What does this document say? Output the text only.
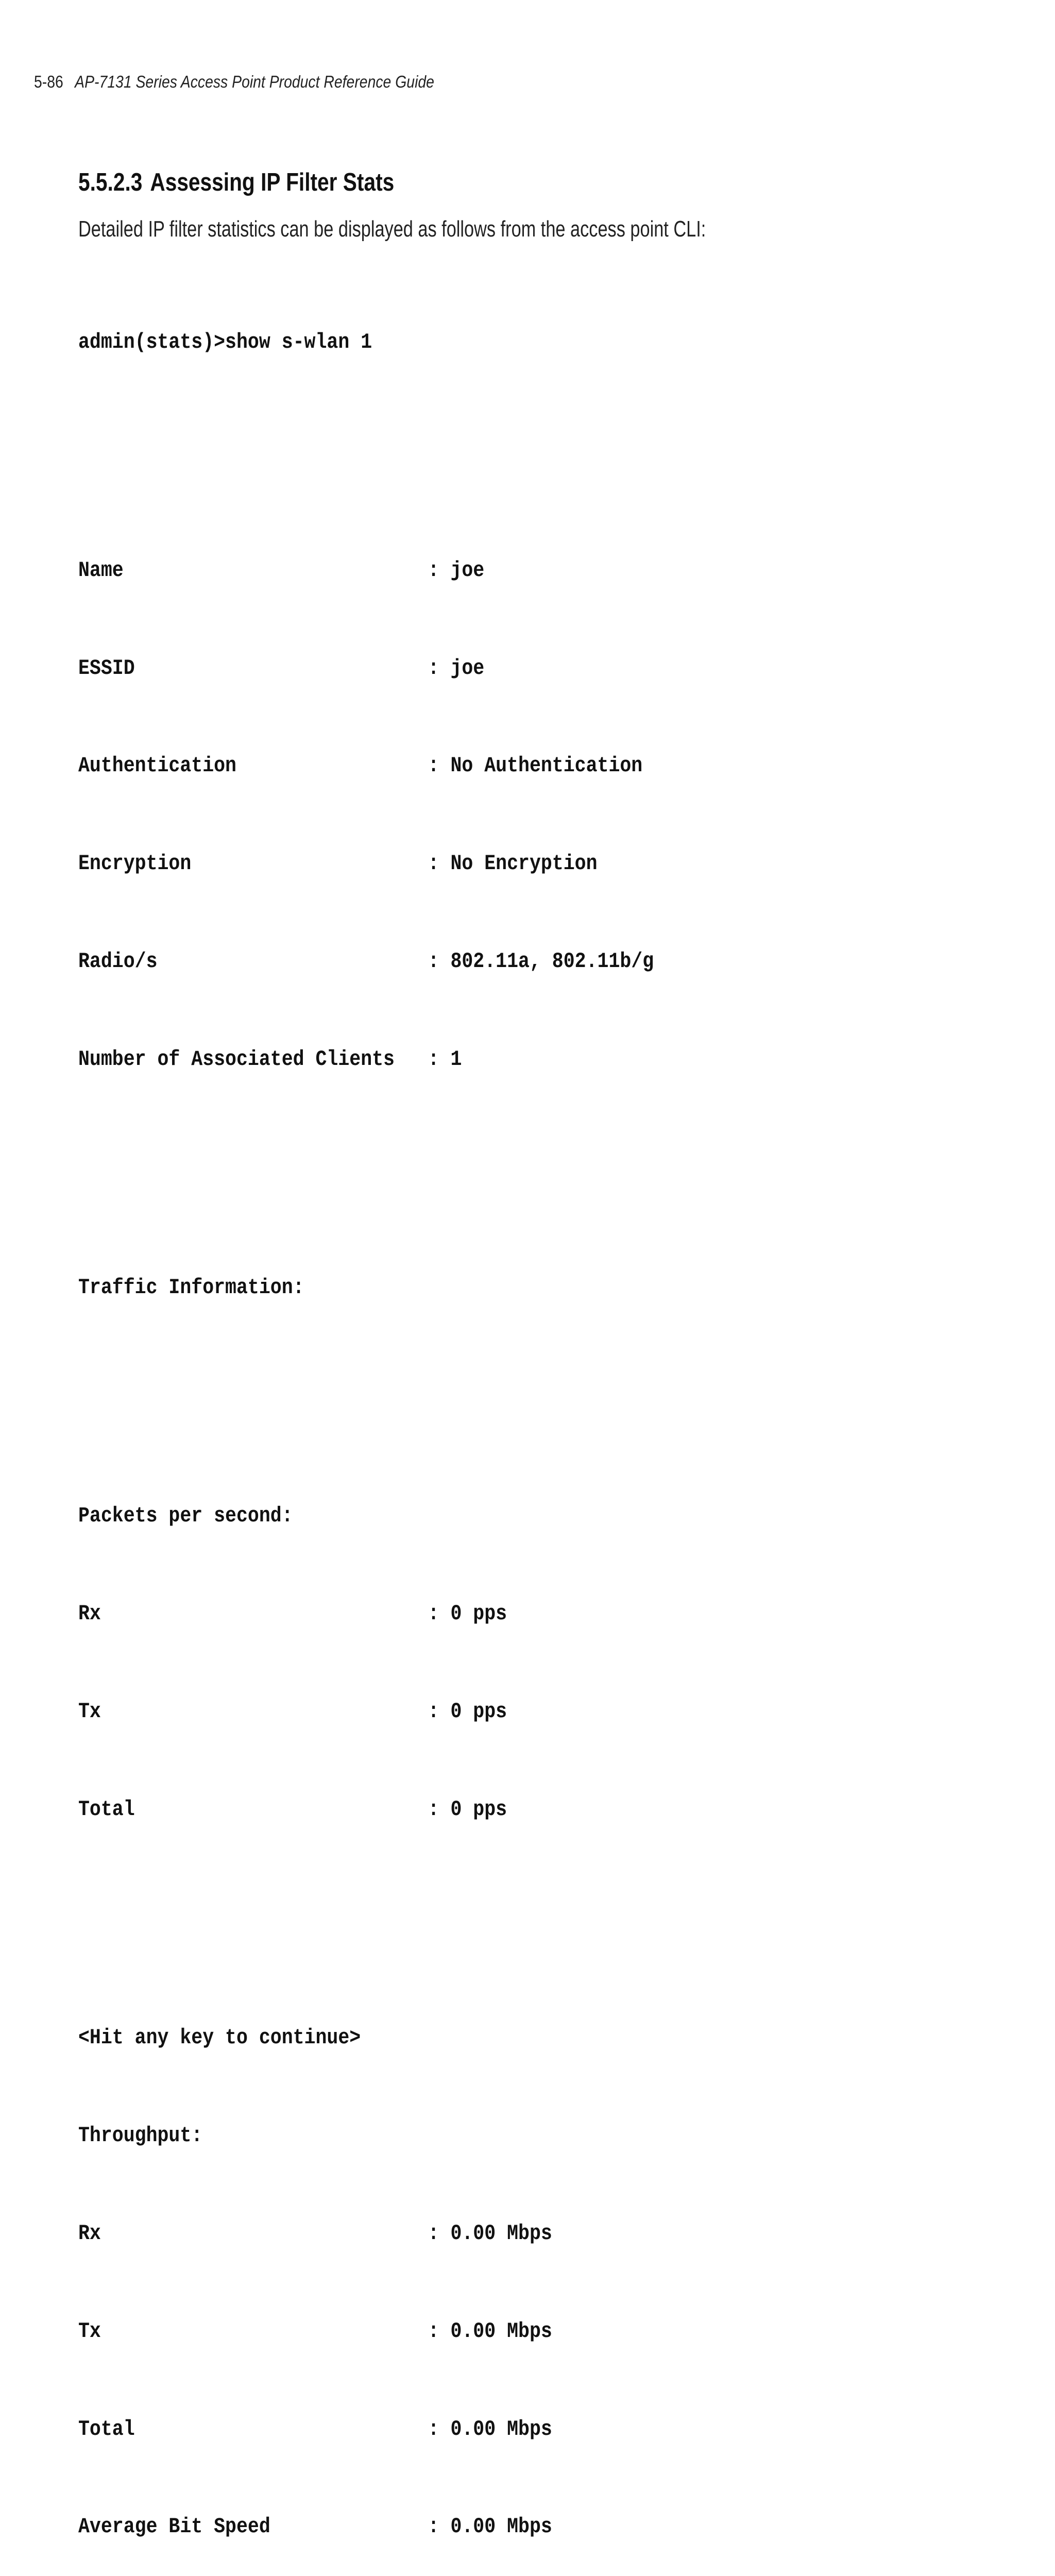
5-86 AP-7131 Series Access Point Product Reference Guide
5.5.2.3 Assessing IP Filter Stats
Detailed IP filter statistics can be displayed as follows from the access point CLI:

admin(stats)>show s-wlan 1

Name	: joe

ESSID	: joe

Authentication	: No Authentication

Encryption	: No Encryption

Radio/s	: 802.11a, 802.11b/g

Number of Associated Clients : 1

Traffic Information:

Packets per second:

Rx	: 0 pps

Tx	: 0 pps

Total	: 0 pps

<Hit any key to continue>

Throughput:

Rx	: 0.00 Mbps

Tx	: 0.00 Mbps

Total	: 0.00 Mbps

Average Bit Speed	: 0.00 Mbps
